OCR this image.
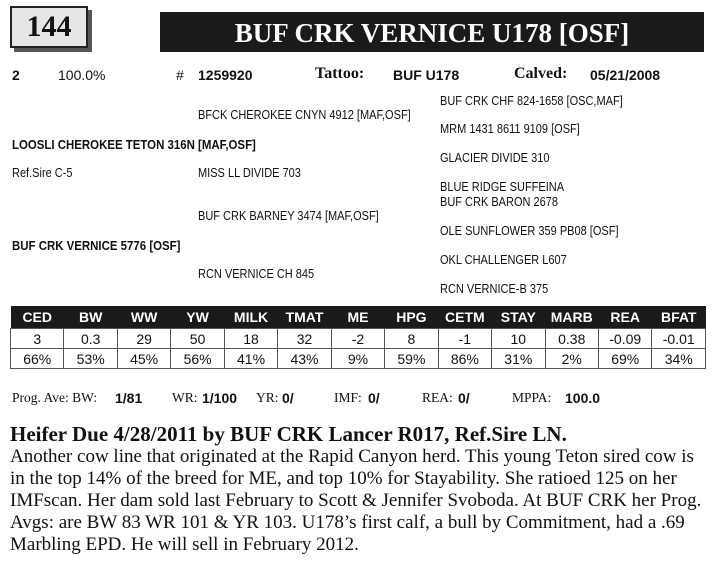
144	BUF CRK VERNICE U178 [OSF]
2	100.0%	# 1259920	Tattoo: BUF U178	Calved: 05/21/2008
LOOSLI CHEROKEE TETON 316N [MAF,OSF]
Ref.Sire C-5
BFCK CHEROKEE CNYN 4912 [MAF,OSF]
MISS LL DIVIDE 703
BUF CRK CHF 824-1658 [OSC,MAF]
MRM 1431 8611 9109 [OSF]
GLACIER DIVIDE 310
BLUE RIDGE SUFFEINA
BUF CRK VERNICE 5776 [OSF]
BUF CRK BARNEY 3474 [MAF,OSF]
RCN VERNICE CH 845
BUF CRK BARON 2678
OLE SUNFLOWER 359 PB08 [OSF]
OKL CHALLENGER L607
RCN VERNICE-B 375
CED	BW	WW	YW	MILK	TMAT	ME	HPG	CETM	STAY	MARB	REA	BFAT
3	0.3	29	50	18	32	-2	8	-1	10	0.38	-0.09	-0.01
66%	53%	45%	56%	41%	43%	9%	59%	86%	31%	2%	69%	34%
Prog. Ave: BW: 1/81 WR: 1/100 YR: 0/	IMF: 0/	REA: 0/	MPPA: 100.0
Heifer Due 4/28/2011 by BUF CRK Lancer R017, Ref.Sire LN.
Another cow line that originated at the Rapid Canyon herd. This young Teton sired cow is in the top 14% of the breed for ME, and top 10% for Stayability. She ratioed 125 on her IMFscan. Her dam sold last February to Scott & Jennifer Svoboda. At BUF CRK her Prog. Avgs: are BW 83 WR 101 & YR 103. U178’s first calf, a bull by Commitment, had a .69 Marbling EPD. He will sell in February 2012.
